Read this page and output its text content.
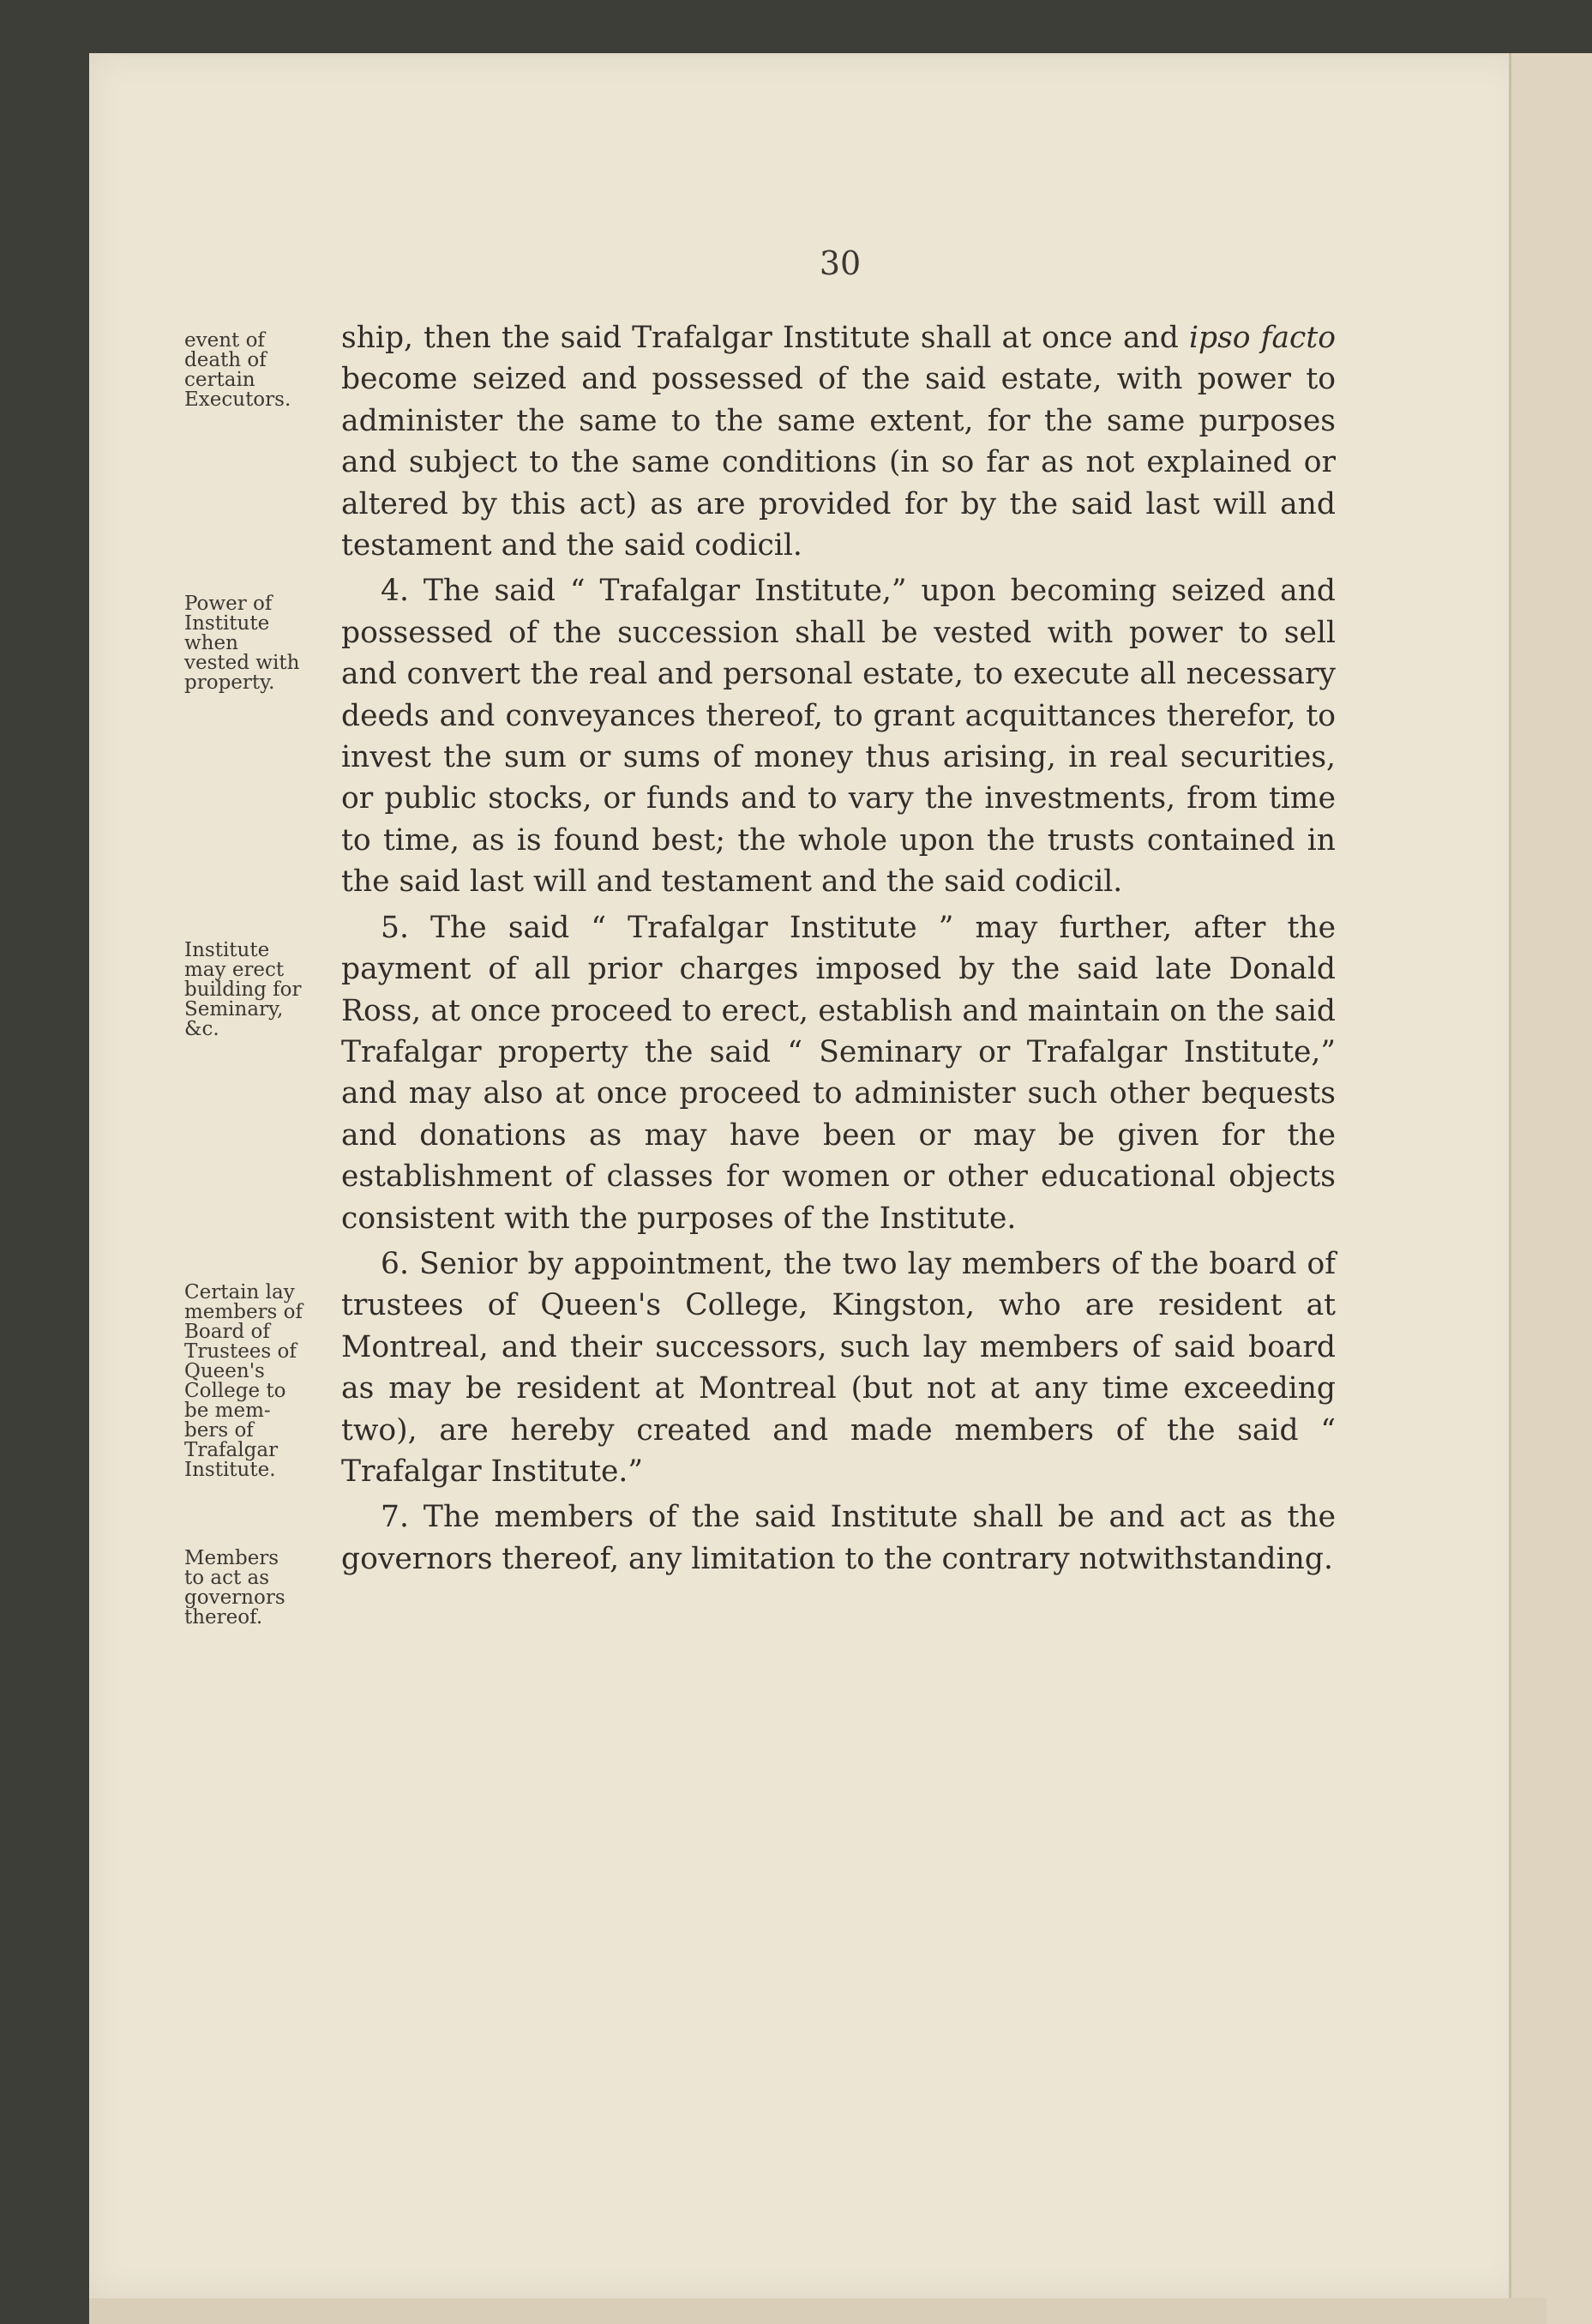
30

event of
death of
certain
Executors.

Power of
Institute
when
vested with
property.

Institute
may erect
building for
Seminary,
&c.

Certain lay
members of
Board of
Trustees of
Queen's
College to
be mem-
bers of
Trafalgar
Institute.

Members
to act as
governors
thereof.

ship, then the said Trafalgar Institute shall at once and ipso facto become seized and possessed of the said estate, with power to administer the same to the same extent, for the same purposes and subject to the same conditions (in so far as not explained or altered by this act) as are provided for by the said last will and testament and the said codicil.

4. The said “ Trafalgar Institute,” upon becoming seized and possessed of the succession shall be vested with power to sell and convert the real and personal estate, to execute all necessary deeds and conveyances thereof, to grant acquittances therefor, to invest the sum or sums of money thus arising, in real securities, or public stocks, or funds and to vary the investments, from time to time, as is found best; the whole upon the trusts contained in the said last will and testament and the said codicil.

5. The said “ Trafalgar Institute ” may further, after the payment of all prior charges imposed by the said late Donald Ross, at once proceed to erect, establish and maintain on the said Trafalgar property the said “ Seminary or Trafalgar Institute,” and may also at once proceed to administer such other bequests and donations as may have been or may be given for the establishment of classes for women or other educational objects consistent with the purposes of the Institute.

6. Senior by appointment, the two lay members of the board of trustees of Queen's College, Kingston, who are resident at Montreal, and their successors, such lay members of said board as may be resident at Montreal (but not at any time exceeding two), are hereby created and made members of the said “ Trafalgar Institute.”

7. The members of the said Institute shall be and act as the governors thereof, any limitation to the contrary notwithstanding.
